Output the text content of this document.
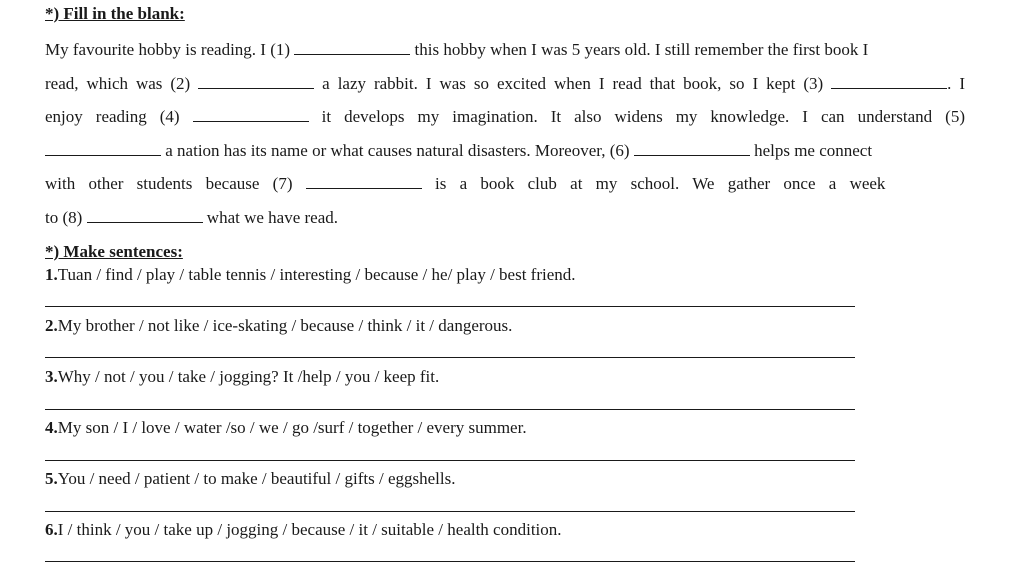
*) Fill in the blank:
My favourite hobby is reading. I (1)	this hobby when I was 5 years old. I still remember the first book I
read, which was (2)	a lazy rabbit. I was so excited when I read that book, so I kept (3)	. I
enjoy reading (4)	it develops my imagination. It also widens my knowledge. I can understand (5)
a nation has its name or what causes natural disasters. Moreover, (6)	helps me connect
with other students because (7)	is a book club at my school. We gather once a week
to (8)	what we have read.
*) Make sentences:
1.Tuan / find / play / table tennis / interesting / because / he/ play / best friend.
2.My brother / not like / ice-skating / because / think / it / dangerous.
3.Why / not / you / take / jogging? It /help / you / keep fit.
4.My son / I / love / water /so / we / go /surf / together / every summer.
5.You / need / patient / to make / beautiful / gifts / eggshells.
6.I / think / you / take up / jogging / because / it / suitable / health condition.
